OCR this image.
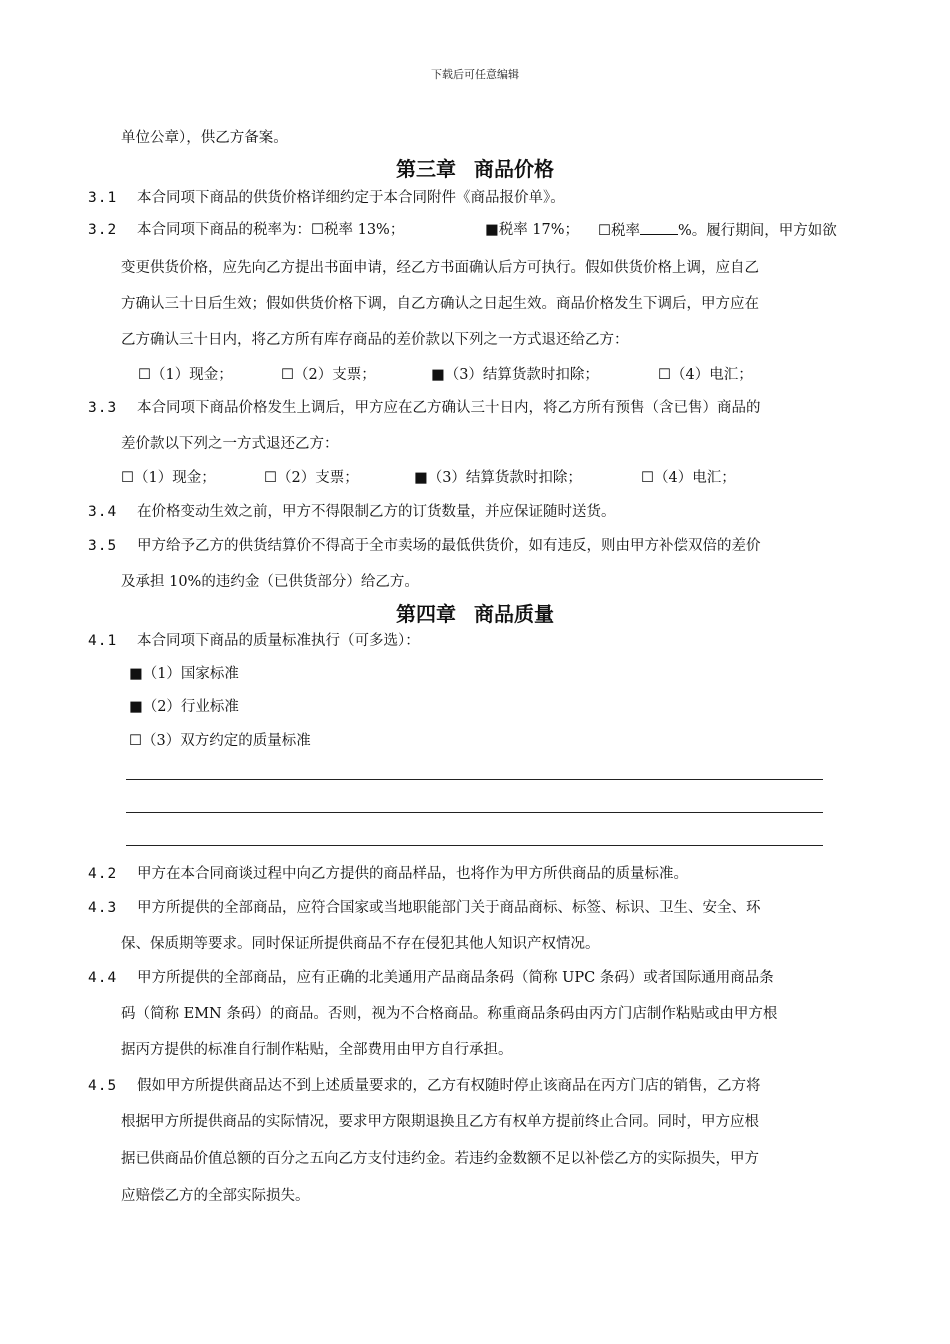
下载后可任意编辑
单位公章），供乙方备案。
第三章 商品价格
3.1 本合同项下商品的供货价格详细约定于本合同附件《商品报价单》。
3.2 本合同项下商品的税率为：☐税率 13%；	■税率 17%； ☐税率	%。履行期间，甲方如欲
变更供货价格，应先向乙方提出书面申请，经乙方书面确认后方可执行。假如供货价格上调，应自乙
方确认三十日后生效；假如供货价格下调，自乙方确认之日起生效。商品价格发生下调后，甲方应在
乙方确认三十日内，将乙方所有库存商品的差价款以下列之一方式退还给乙方：
☐（1）现金；	☐（2）支票；	■（3）结算货款时扣除；	☐（4）电汇；
3.3 本合同项下商品价格发生上调后，甲方应在乙方确认三十日内，将乙方所有预售（含已售）商品的
差价款以下列之一方式退还乙方：
☐（1）现金；	☐（2）支票；	■（3）结算货款时扣除；	☐（4）电汇；
3.4 在价格变动生效之前，甲方不得限制乙方的订货数量，并应保证随时送货。
3.5 甲方给予乙方的供货结算价不得高于全市卖场的最低供货价，如有违反，则由甲方补偿双倍的差价
及承担 10%的违约金（已供货部分）给乙方。
第四章 商品质量
4.1 本合同项下商品的质量标准执行（可多选）：
■（1）国家标准
■（2）行业标准
☐（3）双方约定的质量标准
4.2 甲方在本合同商谈过程中向乙方提供的商品样品，也将作为甲方所供商品的质量标准。
4.3 甲方所提供的全部商品，应符合国家或当地职能部门关于商品商标、标签、标识、卫生、安全、环
保、保质期等要求。同时保证所提供商品不存在侵犯其他人知识产权情况。
4.4 甲方所提供的全部商品，应有正确的北美通用产品商品条码（简称 UPC 条码）或者国际通用商品条
码（简称 EMN 条码）的商品。否则，视为不合格商品。称重商品条码由丙方门店制作粘贴或由甲方根
据丙方提供的标准自行制作粘贴，全部费用由甲方自行承担。
4.5 假如甲方所提供商品达不到上述质量要求的，乙方有权随时停止该商品在丙方门店的销售，乙方将
根据甲方所提供商品的实际情况，要求甲方限期退换且乙方有权单方提前终止合同。同时，甲方应根
据已供商品价值总额的百分之五向乙方支付违约金。若违约金数额不足以补偿乙方的实际损失，甲方
应赔偿乙方的全部实际损失。
